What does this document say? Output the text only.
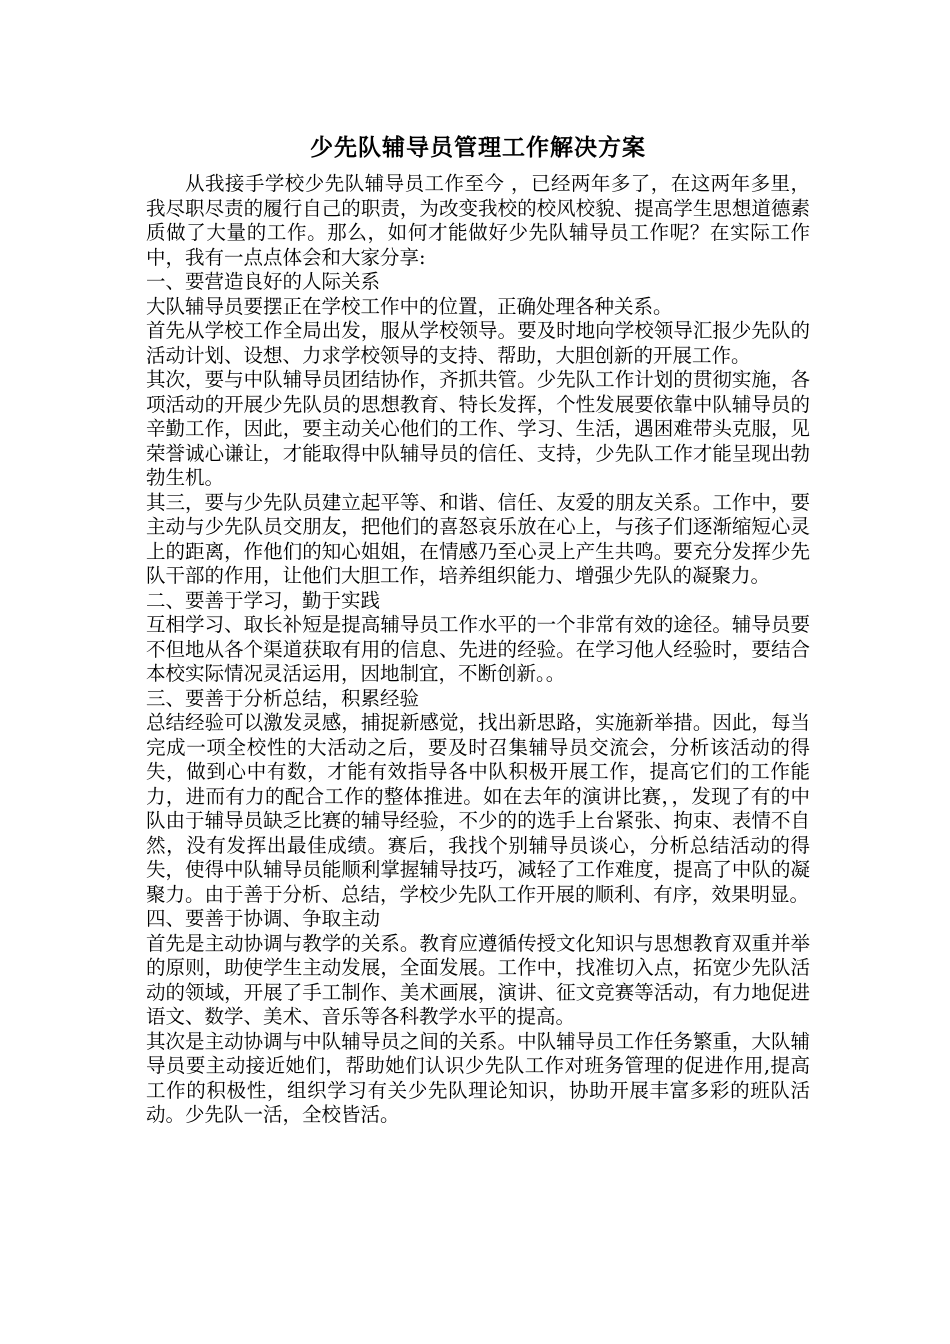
少先队辅导员管理工作解决方案

从我接手学校少先队辅导员工作至今 ，已经两年多了，在这两年多里，我尽职尽责的履行自己的职责，为改变我校的校风校貌、提高学生思想道德素质做了大量的工作。那么，如何才能做好少先队辅导员工作呢？在实际工作中，我有一点点体会和大家分享:

一、要营造良好的人际关系

大队辅导员要摆正在学校工作中的位置，正确处理各种关系。

首先从学校工作全局出发，服从学校领导。要及时地向学校领导汇报少先队的活动计划、设想、力求学校领导的支持、帮助，大胆创新的开展工作。

其次，要与中队辅导员团结协作，齐抓共管。少先队工作计划的贯彻实施，各项活动的开展少先队员的思想教育、特长发挥，个性发展要依靠中队辅导员的辛勤工作，因此，要主动关心他们的工作、学习、生活，遇困难带头克服，见荣誉诚心谦让，才能取得中队辅导员的信任、支持，少先队工作才能呈现出勃勃生机。

其三，要与少先队员建立起平等、和谐、信任、友爱的朋友关系。工作中，要主动与少先队员交朋友，把他们的喜怒哀乐放在心上，与孩子们逐渐缩短心灵上的距离，作他们的知心姐姐，在情感乃至心灵上产生共鸣。要充分发挥少先队干部的作用，让他们大胆工作，培养组织能力、增强少先队的凝聚力。

二、要善于学习，勤于实践

互相学习、取长补短是提高辅导员工作水平的一个非常有效的途径。辅导员要不但地从各个渠道获取有用的信息、先进的经验。在学习他人经验时，要结合本校实际情况灵活运用，因地制宜，不断创新。。

三、要善于分析总结，积累经验

总结经验可以激发灵感，捕捉新感觉，找出新思路，实施新举措。因此，每当完成一项全校性的大活动之后，要及时召集辅导员交流会，分析该活动的得失，做到心中有数，才能有效指导各中队积极开展工作，提高它们的工作能力，进而有力的配合工作的整体推进。如在去年的演讲比赛，，发现了有的中队由于辅导员缺乏比赛的辅导经验，不少的的选手上台紧张、拘束、表情不自然，没有发挥出最佳成绩。赛后，我找个别辅导员谈心，分析总结活动的得失，使得中队辅导员能顺利掌握辅导技巧，减轻了工作难度，提高了中队的凝聚力。由于善于分析、总结，学校少先队工作开展的顺利、有序，效果明显。

四、要善于协调、争取主动

首先是主动协调与教学的关系。教育应遵循传授文化知识与思想教育双重并举的原则，助使学生主动发展，全面发展。工作中，找准切入点，拓宽少先队活动的领域，开展了手工制作、美术画展，演讲、征文竞赛等活动，有力地促进语文、数学、美术、音乐等各科教学水平的提高。

其次是主动协调与中队辅导员之间的关系。中队辅导员工作任务繁重，大队辅导员要主动接近她们，帮助她们认识少先队工作对班务管理的促进作用,提高工作的积极性，组织学习有关少先队理论知识，协助开展丰富多彩的班队活动。少先队一活，全校皆活。
